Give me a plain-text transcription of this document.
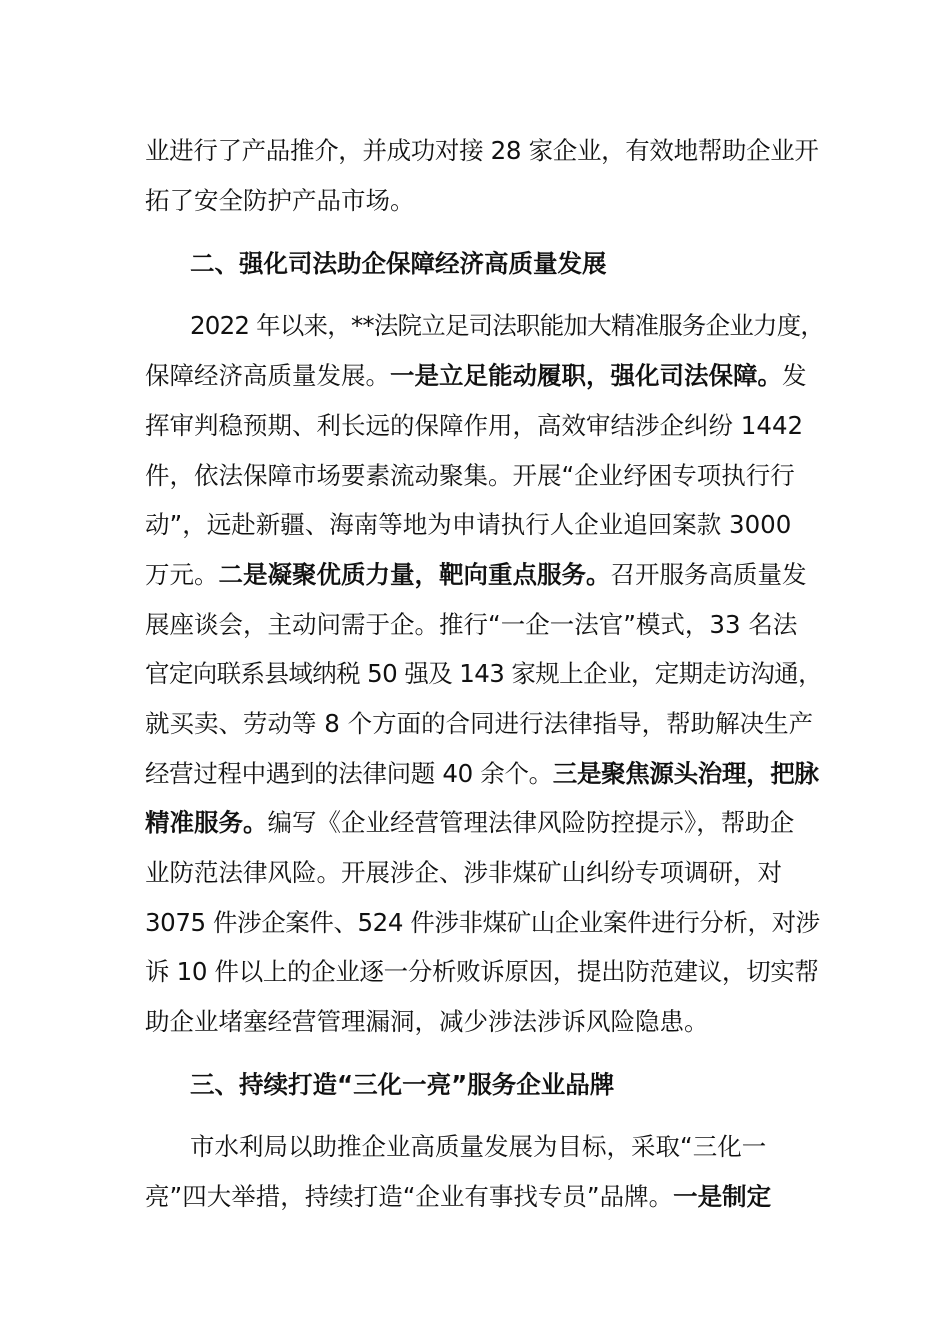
业进行了产品推介，并成功对接 28 家企业，有效地帮助企业开
拓了安全防护产品市场。
二、强化司法助企保障经济高质量发展
2022 年以来，**法院立足司法职能加大精准服务企业力度，
保障经济高质量发展。一是立足能动履职，强化司法保障。发
挥审判稳预期、利长远的保障作用，高效审结涉企纠纷 1442
件，依法保障市场要素流动聚集。开展“企业纾困专项执行行
动”，远赴新疆、海南等地为申请执行人企业追回案款 3000
万元。二是凝聚优质力量，靶向重点服务。召开服务高质量发
展座谈会，主动问需于企。推行“一企一法官”模式，33 名法
官定向联系县域纳税 50 强及 143 家规上企业，定期走访沟通，
就买卖、劳动等 8 个方面的合同进行法律指导，帮助解决生产
经营过程中遇到的法律问题 40 余个。三是聚焦源头治理，把脉
精准服务。编写《企业经营管理法律风险防控提示》，帮助企
业防范法律风险。开展涉企、涉非煤矿山纠纷专项调研，对
3075 件涉企案件、524 件涉非煤矿山企业案件进行分析，对涉
诉 10 件以上的企业逐一分析败诉原因，提出防范建议，切实帮
助企业堵塞经营管理漏洞，减少涉法涉诉风险隐患。
三、持续打造“三化一亮”服务企业品牌
市水利局以助推企业高质量发展为目标，采取“三化一
亮”四大举措，持续打造“企业有事找专员”品牌。一是制定
